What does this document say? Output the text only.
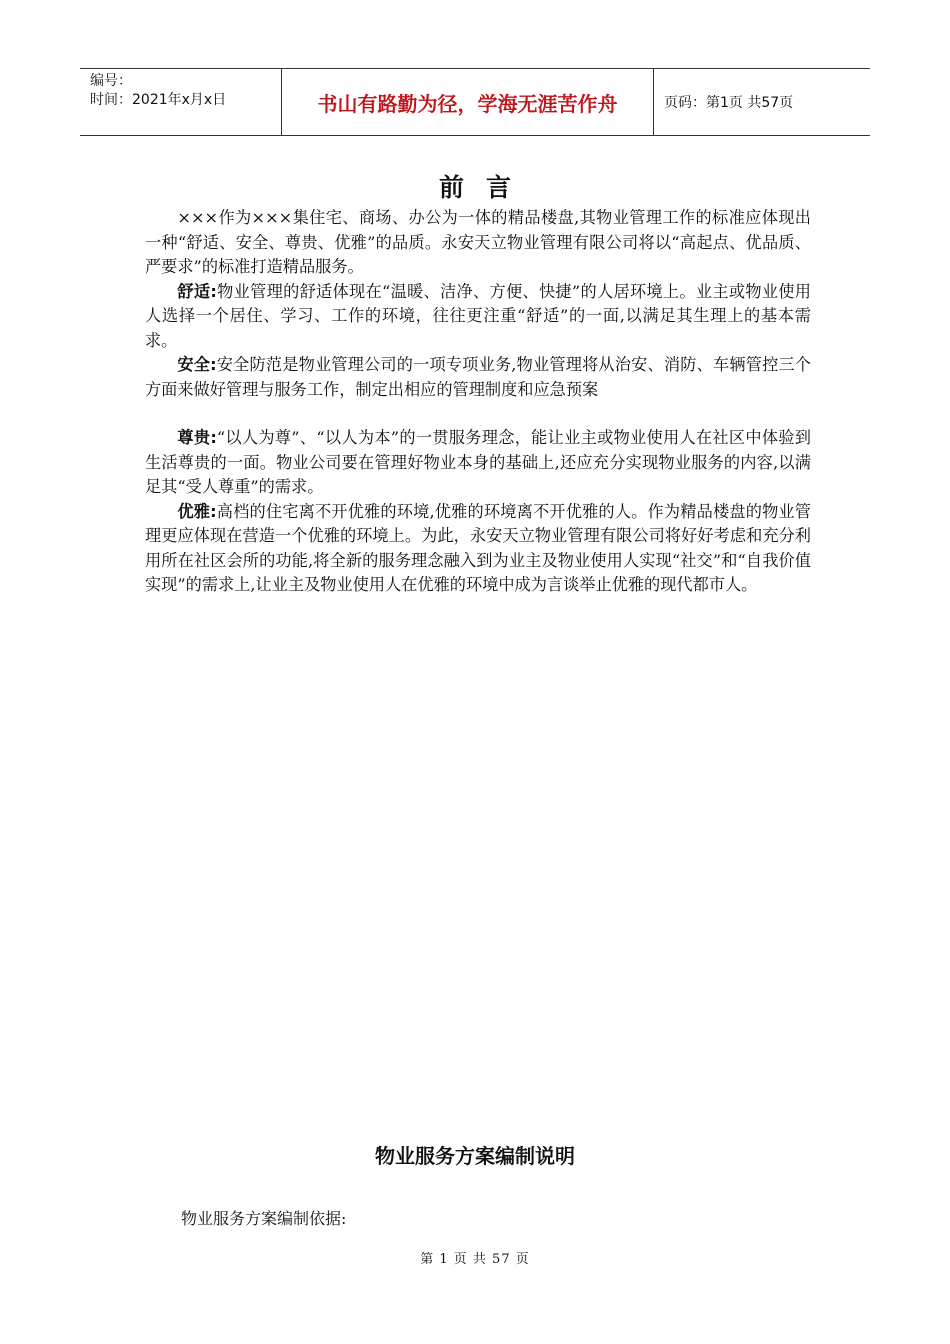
编号：
时间：2021年x月x日	书山有路勤为径，学海无涯苦作舟	页码：第1页 共57页
前言

×××作为×××集住宅、商场、办公为一体的精品楼盘,其物业管理工作的标准应体现出一种“舒适、安全、尊贵、优雅”的品质。永安天立物业管理有限公司将以“高起点、优品质、严要求”的标准打造精品服务。

舒适:物业管理的舒适体现在“温暖、洁净、方便、快捷”的人居环境上。业主或物业使用人选择一个居住、学习、工作的环境，往往更注重“舒适”的一面,以满足其生理上的基本需求。

安全:安全防范是物业管理公司的一项专项业务,物业管理将从治安、消防、车辆管控三个方面来做好管理与服务工作，制定出相应的管理制度和应急预案

尊贵:“以人为尊”、“以人为本”的一贯服务理念，能让业主或物业使用人在社区中体验到生活尊贵的一面。物业公司要在管理好物业本身的基础上,还应充分实现物业服务的内容,以满足其“受人尊重”的需求。

优雅:高档的住宅离不开优雅的环境,优雅的环境离不开优雅的人。作为精品楼盘的物业管理更应体现在营造一个优雅的环境上。为此，永安天立物业管理有限公司将好好考虑和充分利用所在社区会所的功能,将全新的服务理念融入到为业主及物业使用人实现“社交”和“自我价值实现”的需求上,让业主及物业使用人在优雅的环境中成为言谈举止优雅的现代都市人。

物业服务方案编制说明
物业服务方案编制依据:
第 1 页 共 57 页
